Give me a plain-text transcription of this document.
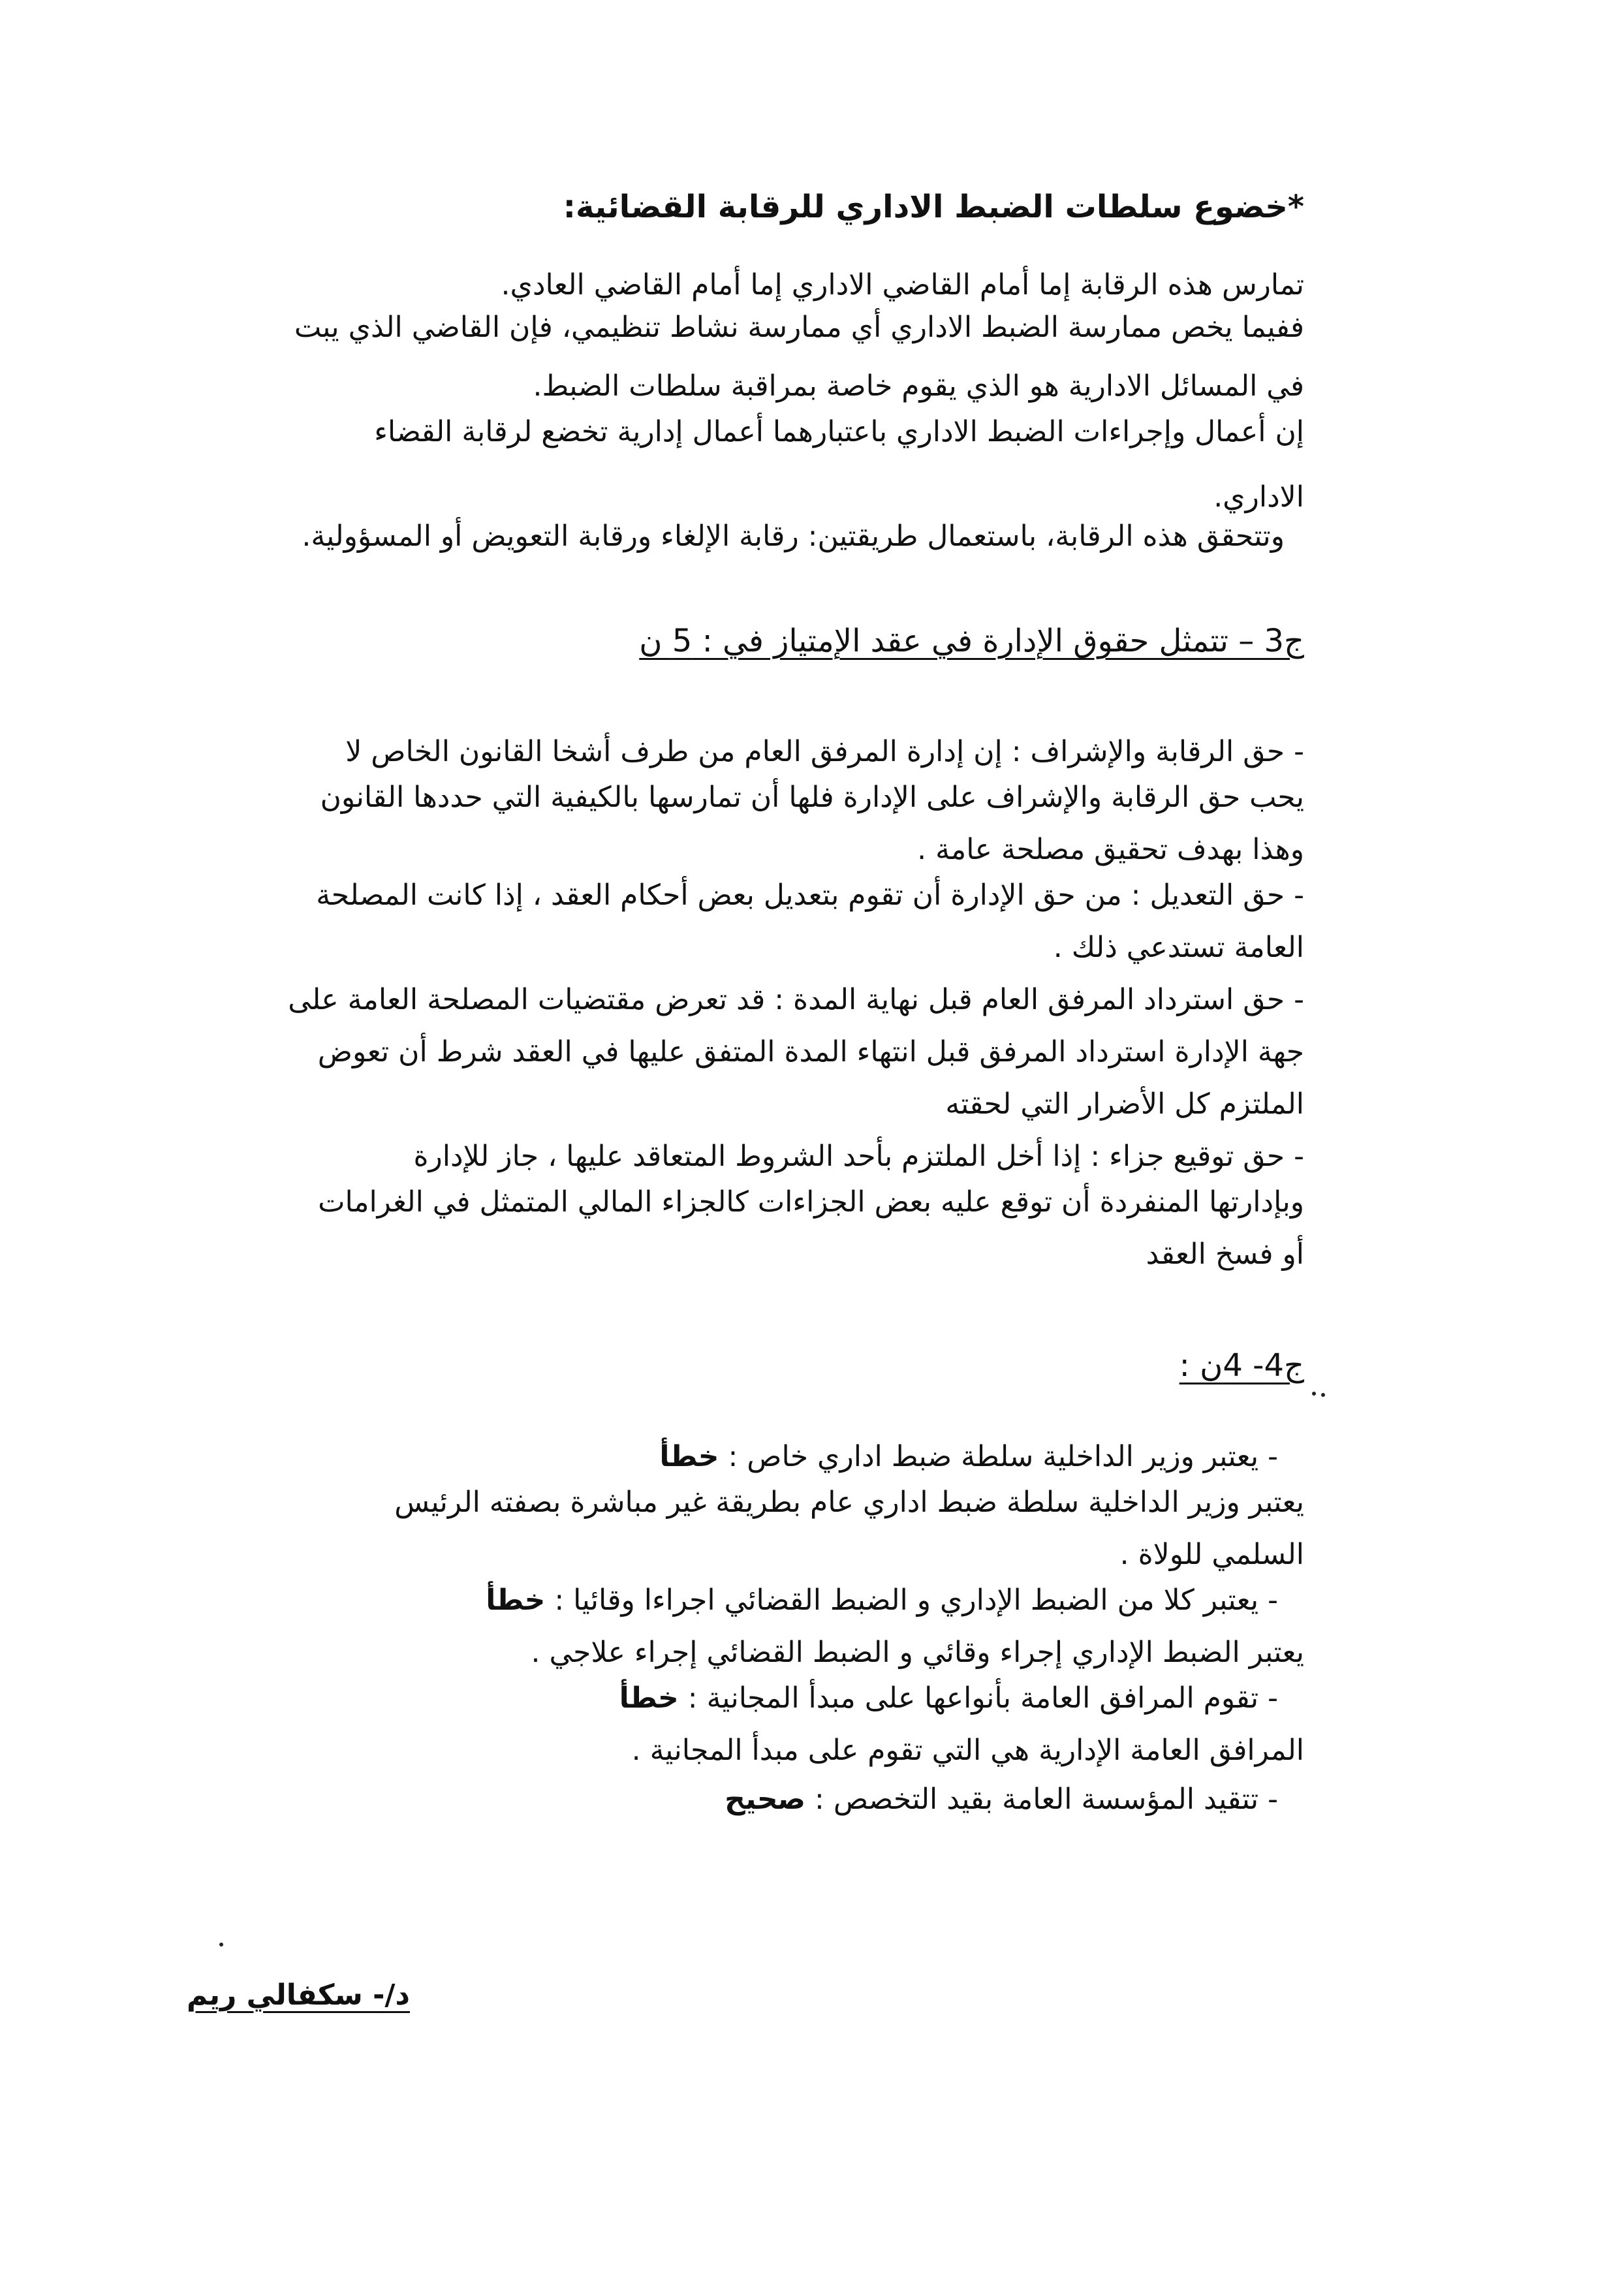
*خضوع سلطات الضبط الاداري للرقابة القضائية:
تمارس هذه الرقابة إما أمام القاضي الاداري إما أمام القاضي العادي.
ففيما يخص ممارسة الضبط الاداري أي ممارسة نشاط تنظيمي، فإن القاضي الذي يبت
في المسائل الادارية هو الذي يقوم خاصة بمراقبة سلطات الضبط.
إن أعمال وإجراءات الضبط الاداري باعتبارهما أعمال إدارية تخضع لرقابة القضاء
الاداري.
وتتحقق هذه الرقابة، باستعمال طريقتين: رقابة الإلغاء ورقابة التعويض أو المسؤولية.
ج3 – تتمثل حقوق الإدارة في عقد الإمتياز في : 5 ن
- حق الرقابة والإشراف : إن إدارة المرفق العام من طرف أشخا القانون الخاص لا
يحب حق الرقابة والإشراف على الإدارة فلها أن تمارسها بالكيفية التي حددها القانون
وهذا بهدف تحقيق مصلحة عامة .
- حق التعديل : من حق الإدارة أن تقوم بتعديل بعض أحكام العقد ، إذا كانت المصلحة
العامة تستدعي ذلك .
- حق استرداد المرفق العام قبل نهاية المدة : قد تعرض مقتضيات المصلحة العامة على
جهة الإدارة استرداد المرفق قبل انتهاء المدة المتفق عليها في العقد شرط أن تعوض
الملتزم كل الأضرار التي لحقته
- حق توقيع جزاء : إذا أخل الملتزم بأحد الشروط المتعاقد عليها ، جاز للإدارة
وبإدارتها المنفردة أن توقع عليه بعض الجزاءات كالجزاء المالي المتمثل في الغرامات
أو فسخ العقد
ج4- 4ن :
- يعتبر وزير الداخلية سلطة ضبط اداري خاص : خطأ
يعتبر وزير الداخلية سلطة ضبط اداري عام بطريقة غير مباشرة بصفته الرئيس
السلمي للولاة .
- يعتبر كلا من الضبط الإداري و الضبط القضائي اجراءا وقائيا : خطأ
يعتبر الضبط الإداري إجراء وقائي و الضبط القضائي إجراء علاجي .
- تقوم المرافق العامة بأنواعها على مبدأ المجانية : خطأ
المرافق العامة الإدارية هي التي تقوم على مبدأ المجانية .
- تتقيد المؤسسة العامة بقيد التخصص : صحيح
د/- سكفالي ريم
